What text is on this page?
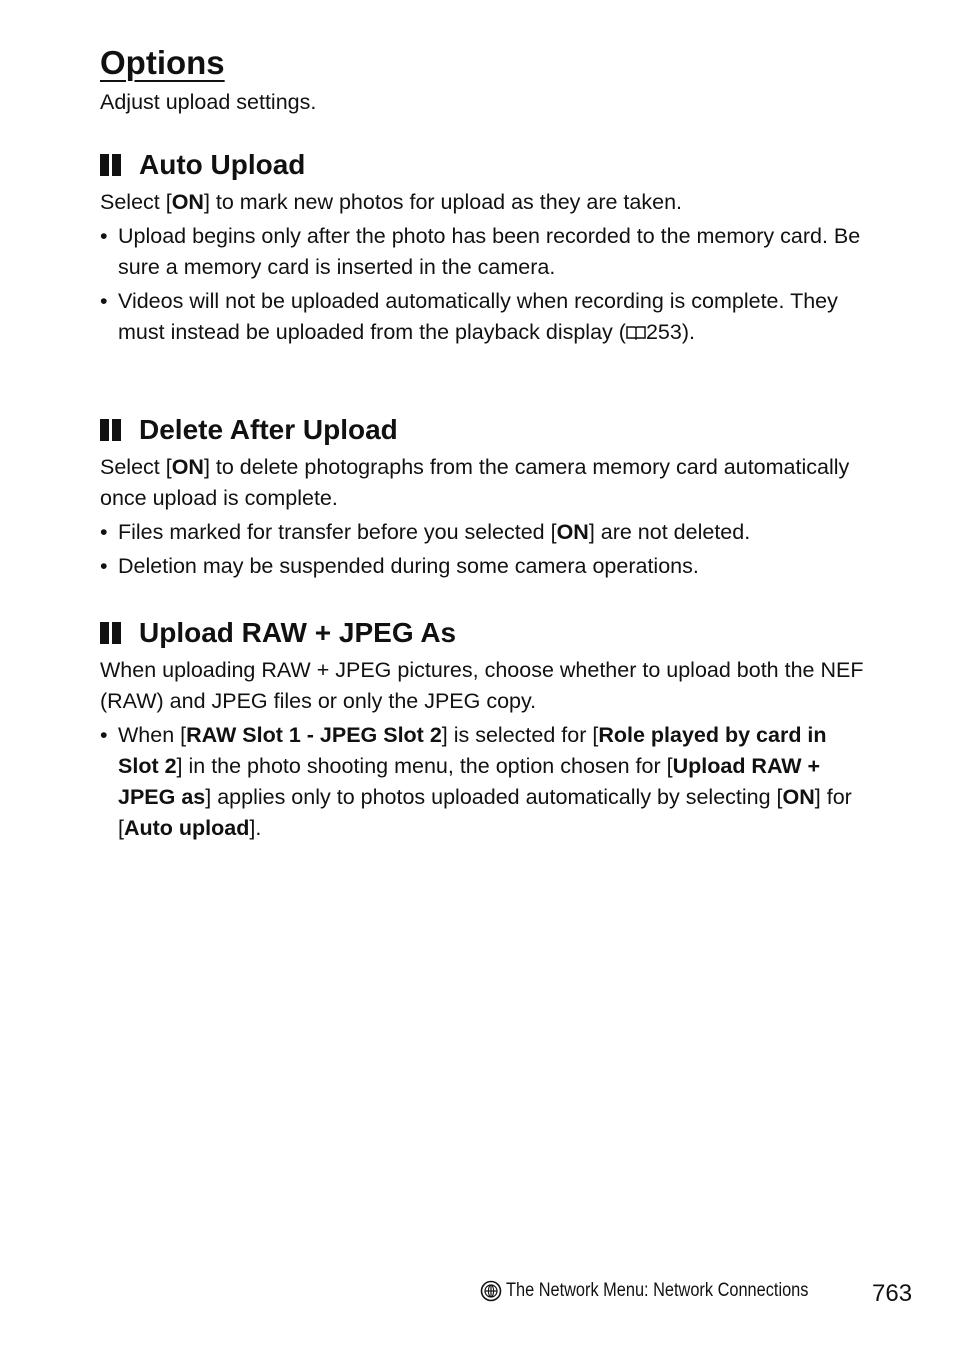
Options

Adjust upload settings.

Auto Upload

Select [ON] to mark new photos for upload as they are taken.

• Upload begins only after the photo has been recorded to the memory card. Be sure a memory card is inserted in the camera.
• Videos will not be uploaded automatically when recording is complete. They must instead be uploaded from the playback display ( 253).
Delete After Upload

Select [ON] to delete photographs from the camera memory card automatically once upload is complete.

• Files marked for transfer before you selected [ON] are not deleted.
• Deletion may be suspended during some camera operations.
Upload RAW + JPEG As

When uploading RAW + JPEG pictures, choose whether to upload both the NEF (RAW) and JPEG files or only the JPEG copy.

• When [RAW Slot 1 - JPEG Slot 2] is selected for [Role played by card in Slot 2] in the photo shooting menu, the option chosen for [Upload RAW + JPEG as] applies only to photos uploaded automatically by selecting [ON] for [Auto upload].
The Network Menu: Network Connections	763
